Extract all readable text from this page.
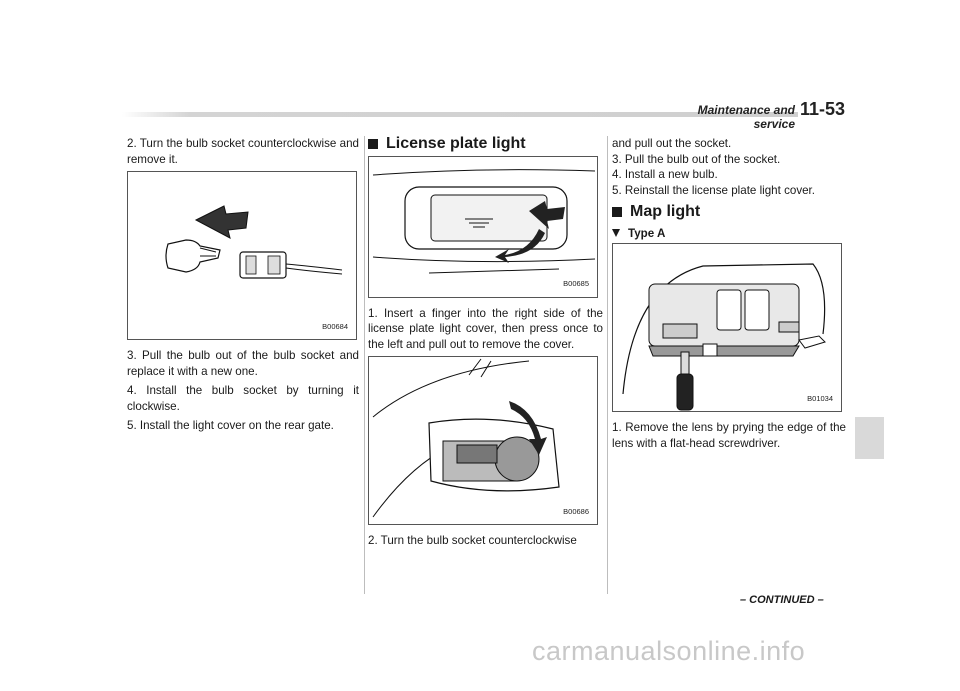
Maintenance and service
11-53

2. Turn the bulb socket counterclockwise and remove it.

B00684

3. Pull the bulb out of the bulb socket and replace it with a new one.

4. Install the bulb socket by turning it clockwise.

5. Install the light cover on the rear gate.

License plate light
B00685

1. Insert a finger into the right side of the license plate light cover, then press once to the left and pull out to remove the cover.

B00686

2. Turn the bulb socket counterclockwise

and pull out the socket.

3. Pull the bulb out of the socket.

4. Install a new bulb.

5. Reinstall the license plate light cover.

Map light
Type A
B01034

1. Remove the lens by prying the edge of the lens with a flat-head screwdriver.

– CONTINUED –
carmanualsonline.info
